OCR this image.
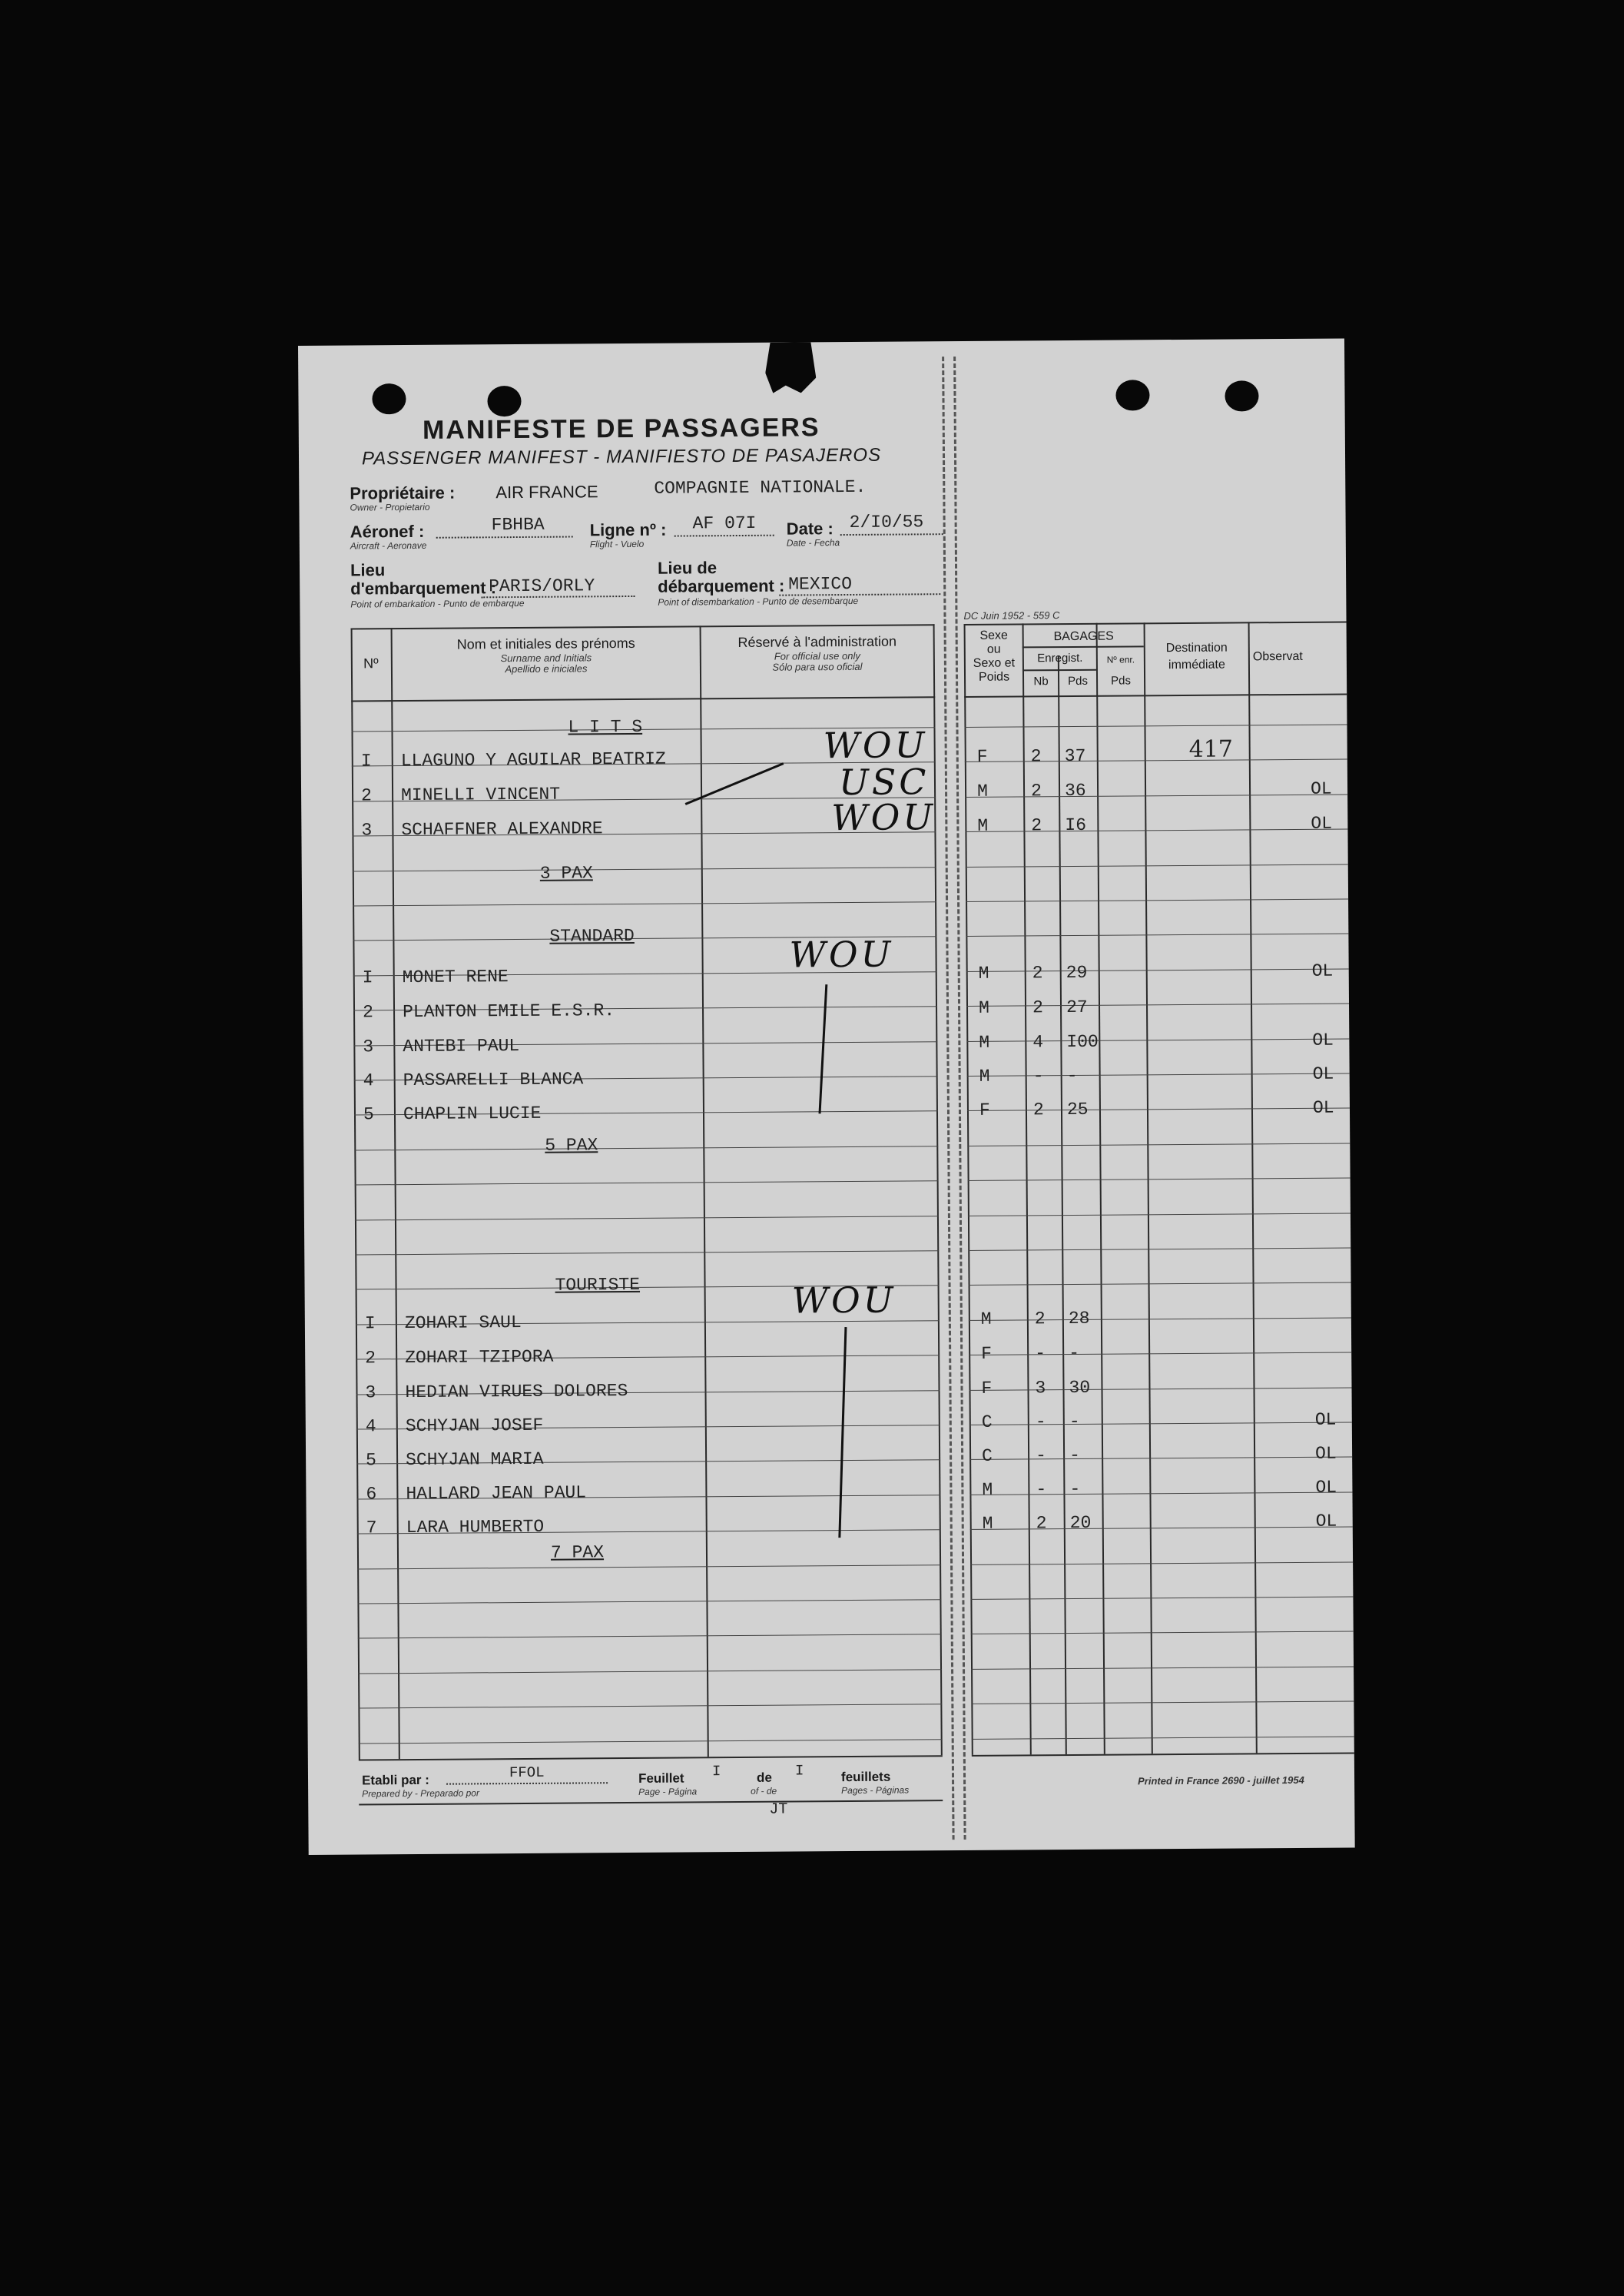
MANIFESTE DE PASSAGERS
PASSENGER MANIFEST - MANIFIESTO DE PASAJEROS
Propriétaire :
Owner - Propietario
AIR FRANCE	COMPAGNIE NATIONALE.
Aéronef :
Aircraft - Aeronave
FBHBA	Ligne nº :
Flight - Vuelo
AF 07I Date :
Date - Fecha
2/I0/55
Lieu
d'embarquement :
Point of embarkation - Punto de embarque
PARIS/ORLY
Lieu de
débarquement :
Point of disembarkation - Punto de desembarque
MEXICO
DC Juin 1952 - 559 C
Nº
Nom et initiales des prénoms
Surname and Initials
Apellido e iniciales
Réservé à l'administration
For official use only
Sólo para uso oficial
Sexe
ou
Sexo et
Poids
BAGAGES
Enregist.
Nb	Pds
Nº enr.
Pds
Destination
immédiate
Observat
I LLAGUNO Y AGUILAR BEATRIZ	F 2 37	417
2 MINELLI VINCENT	M 2 36	OL
3 SCHAFFNER ALEXANDRE	M 2 I6	OL
I MONET RENE	M 2 29	OL
2 PLANTON EMILE E.S.R.	M 2 27
3 ANTEBI PAUL	M 4 I00	OL
4 PASSARELLI BLANCA	M - -	OL
5 CHAPLIN LUCIE	F 2 25	OL
I ZOHARI SAUL	M 2 28
2 ZOHARI TZIPORA	F - -
3 HEDIAN VIRUES DOLORES	F 3 30
4 SCHYJAN JOSEF	C - -	OL
5 SCHYJAN MARIA	C - -	OL
6 HALLARD JEAN PAUL	M - -	OL
7 LARA HUMBERTO	M 2 20	OL
L I T S
3 PAX
STANDARD
5 PAX
TOURISTE
7 PAX
WOU
USC
WOU
WOU
WOU
Etabli par :
Prepared by - Preparado por
FFOL	Feuillet
Page - Página
I	de
of - de
I	feuillets
Pages - Páginas
JT
Printed in France 2690 - juillet 1954
